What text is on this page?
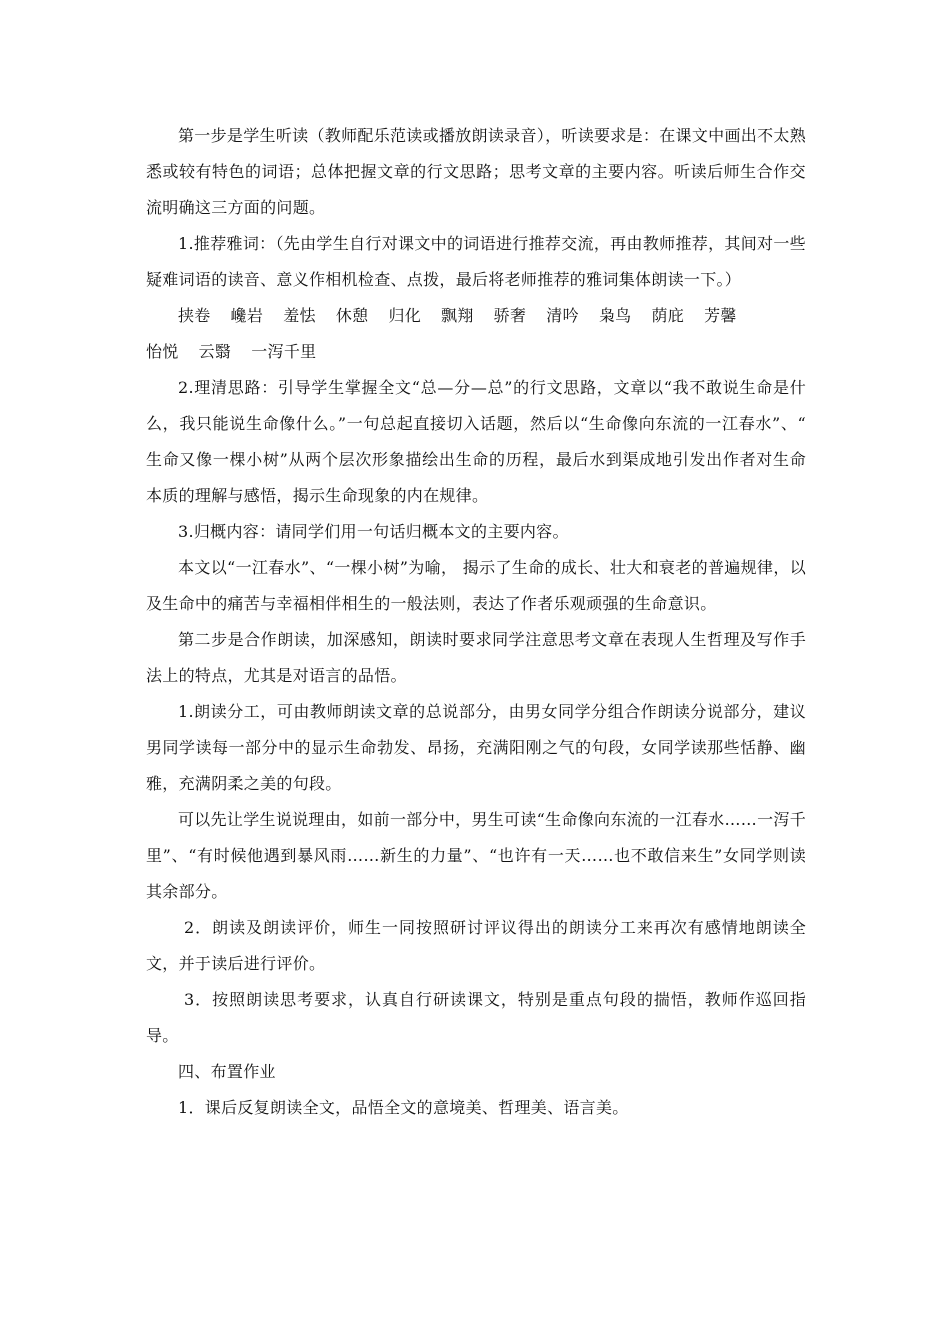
第一步是学生听读（教师配乐范读或播放朗读录音），听读要求是：在课文中画出不太熟悉或较有特色的词语；总体把握文章的行文思路；思考文章的主要内容。听读后师生合作交流明确这三方面的问题。

1.推荐雅词：（先由学生自行对课文中的词语进行推荐交流，再由教师推荐，其间对一些疑难词语的读音、意义作相机检查、点拨，最后将老师推荐的雅词集体朗读一下。）

挟卷 巉岩 羞怯 休憩 归化 飘翔 骄奢 清吟 枭鸟 荫庇 芳馨怡悦 云翳 一泻千里

2.理清思路：引导学生掌握全文“总—分—总”的行文思路，文章以“我不敢说生命是什么，我只能说生命像什么。”一句总起直接切入话题，然后以“生命像向东流的一江春水”、“ 生命又像一棵小树”从两个层次形象描绘出生命的历程，最后水到渠成地引发出作者对生命本质的理解与感悟，揭示生命现象的内在规律。

3.归概内容：请同学们用一句话归概本文的主要内容。

本文以“一江春水”、“一棵小树”为喻， 揭示了生命的成长、壮大和衰老的普遍规律，以及生命中的痛苦与幸福相伴相生的一般法则，表达了作者乐观顽强的生命意识。

第二步是合作朗读，加深感知，朗读时要求同学注意思考文章在表现人生哲理及写作手法上的特点，尤其是对语言的品悟。

1.朗读分工，可由教师朗读文章的总说部分，由男女同学分组合作朗读分说部分，建议男同学读每一部分中的显示生命勃发、昂扬，充满阳刚之气的句段，女同学读那些恬静、幽雅，充满阴柔之美的句段。

可以先让学生说说理由，如前一部分中，男生可读“生命像向东流的一江春水……一泻千里”、“有时候他遇到暴风雨……新生的力量”、“也许有一天……也不敢信来生”女同学则读其余部分。

2．朗读及朗读评价，师生一同按照研讨评议得出的朗读分工来再次有感情地朗读全文，并于读后进行评价。

3．按照朗读思考要求，认真自行研读课文，特别是重点句段的揣悟，教师作巡回指导。

四、布置作业

1．课后反复朗读全文，品悟全文的意境美、哲理美、语言美。
